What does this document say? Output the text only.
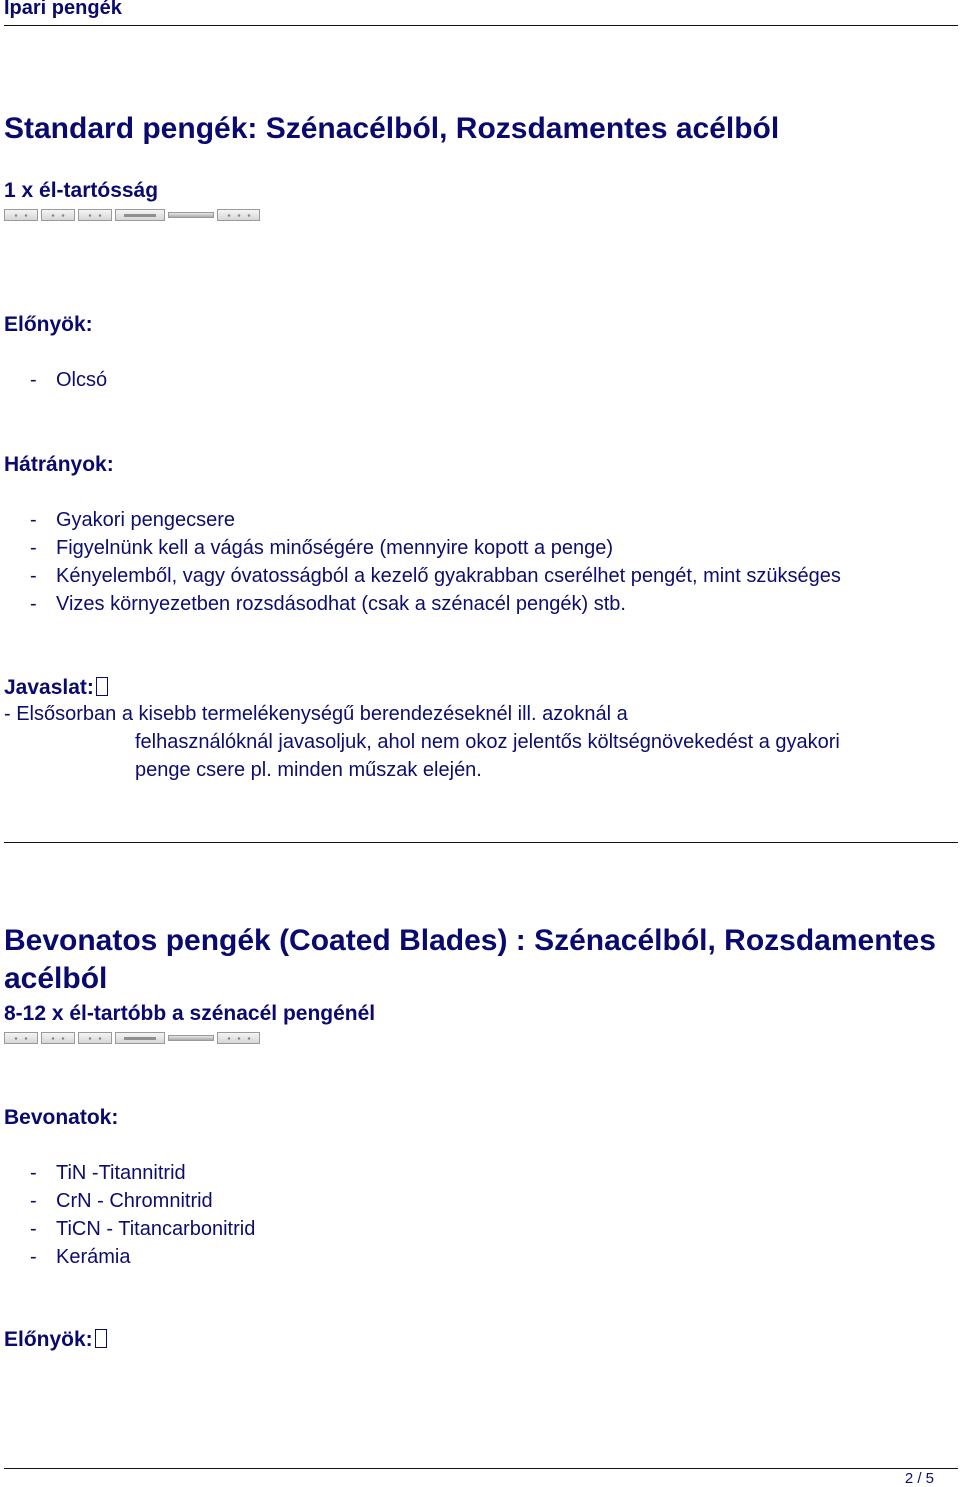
Ipari pengék
Standard pengék: Szénacélból, Rozsdamentes acélból
1 x él-tartósság
Előnyök:
- Olcsó
Hátrányok:
- Gyakori pengecsere
- Figyelnünk kell a vágás minőségére (mennyire kopott a penge)
- Kényelemből, vagy óvatosságból a kezelő gyakrabban cserélhet pengét, mint szükséges
- Vizes környezetben rozsdásodhat (csak a szénacél pengék) stb.
Javaslat:
- Elsősorban a kisebb termelékenységű berendezéseknél ill. azoknál a
felhasználóknál javasoljuk, ahol nem okoz jelentős költségnövekedést a gyakori
penge csere pl. minden műszak elején.
Bevonatos pengék (Coated Blades) : Szénacélból, Rozsdamentes
acélból
8-12 x él-tartóbb a szénacél pengénél
Bevonatok:
- TiN -Titannitrid
- CrN - Chromnitrid
- TiCN - Titancarbonitrid
- Kerámia
Előnyök:
2 / 5
